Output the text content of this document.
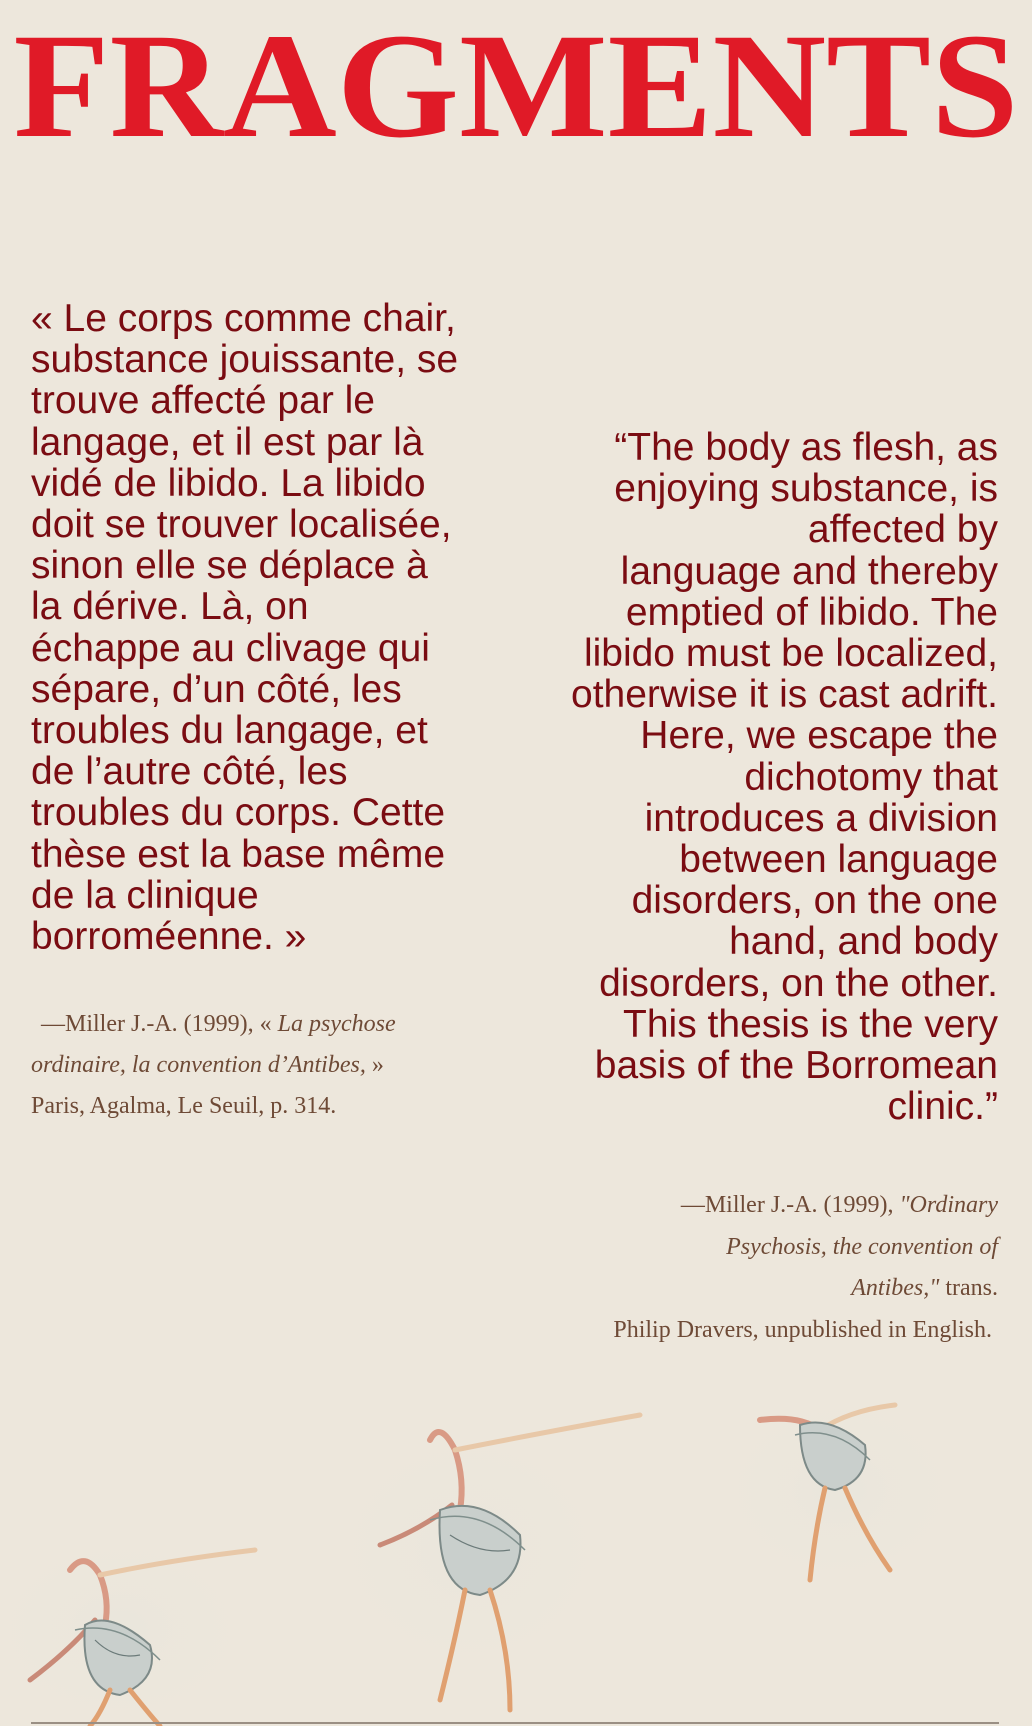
FRAGMENTS
« Le corps comme chair,
substance jouissante, se
trouve affecté par le
langage, et il est par là
vidé de libido. La libido
doit se trouver localisée,
sinon elle se déplace à
la dérive. Là, on
échappe au clivage qui
sépare, d’un côté, les
troubles du langage, et
de l’autre côté, les
troubles du corps. Cette
thèse est la base même
de la clinique
borroméenne. »
—Miller J.-A. (1999), « La psychose
ordinaire, la convention d’Antibes, »
Paris, Agalma, Le Seuil, p. 314.
“The body as flesh, as
enjoying substance, is
affected by
language and thereby
emptied of libido. The
libido must be localized,
otherwise it is cast adrift.
Here, we escape the
dichotomy that
introduces a division
between language
disorders, on the one
hand, and body
disorders, on the other.
This thesis is the very
basis of the Borromean
clinic.”
—Miller J.-A. (1999), "Ordinary
Psychosis, the convention of
Antibes," trans.
Philip Dravers, unpublished in English.
